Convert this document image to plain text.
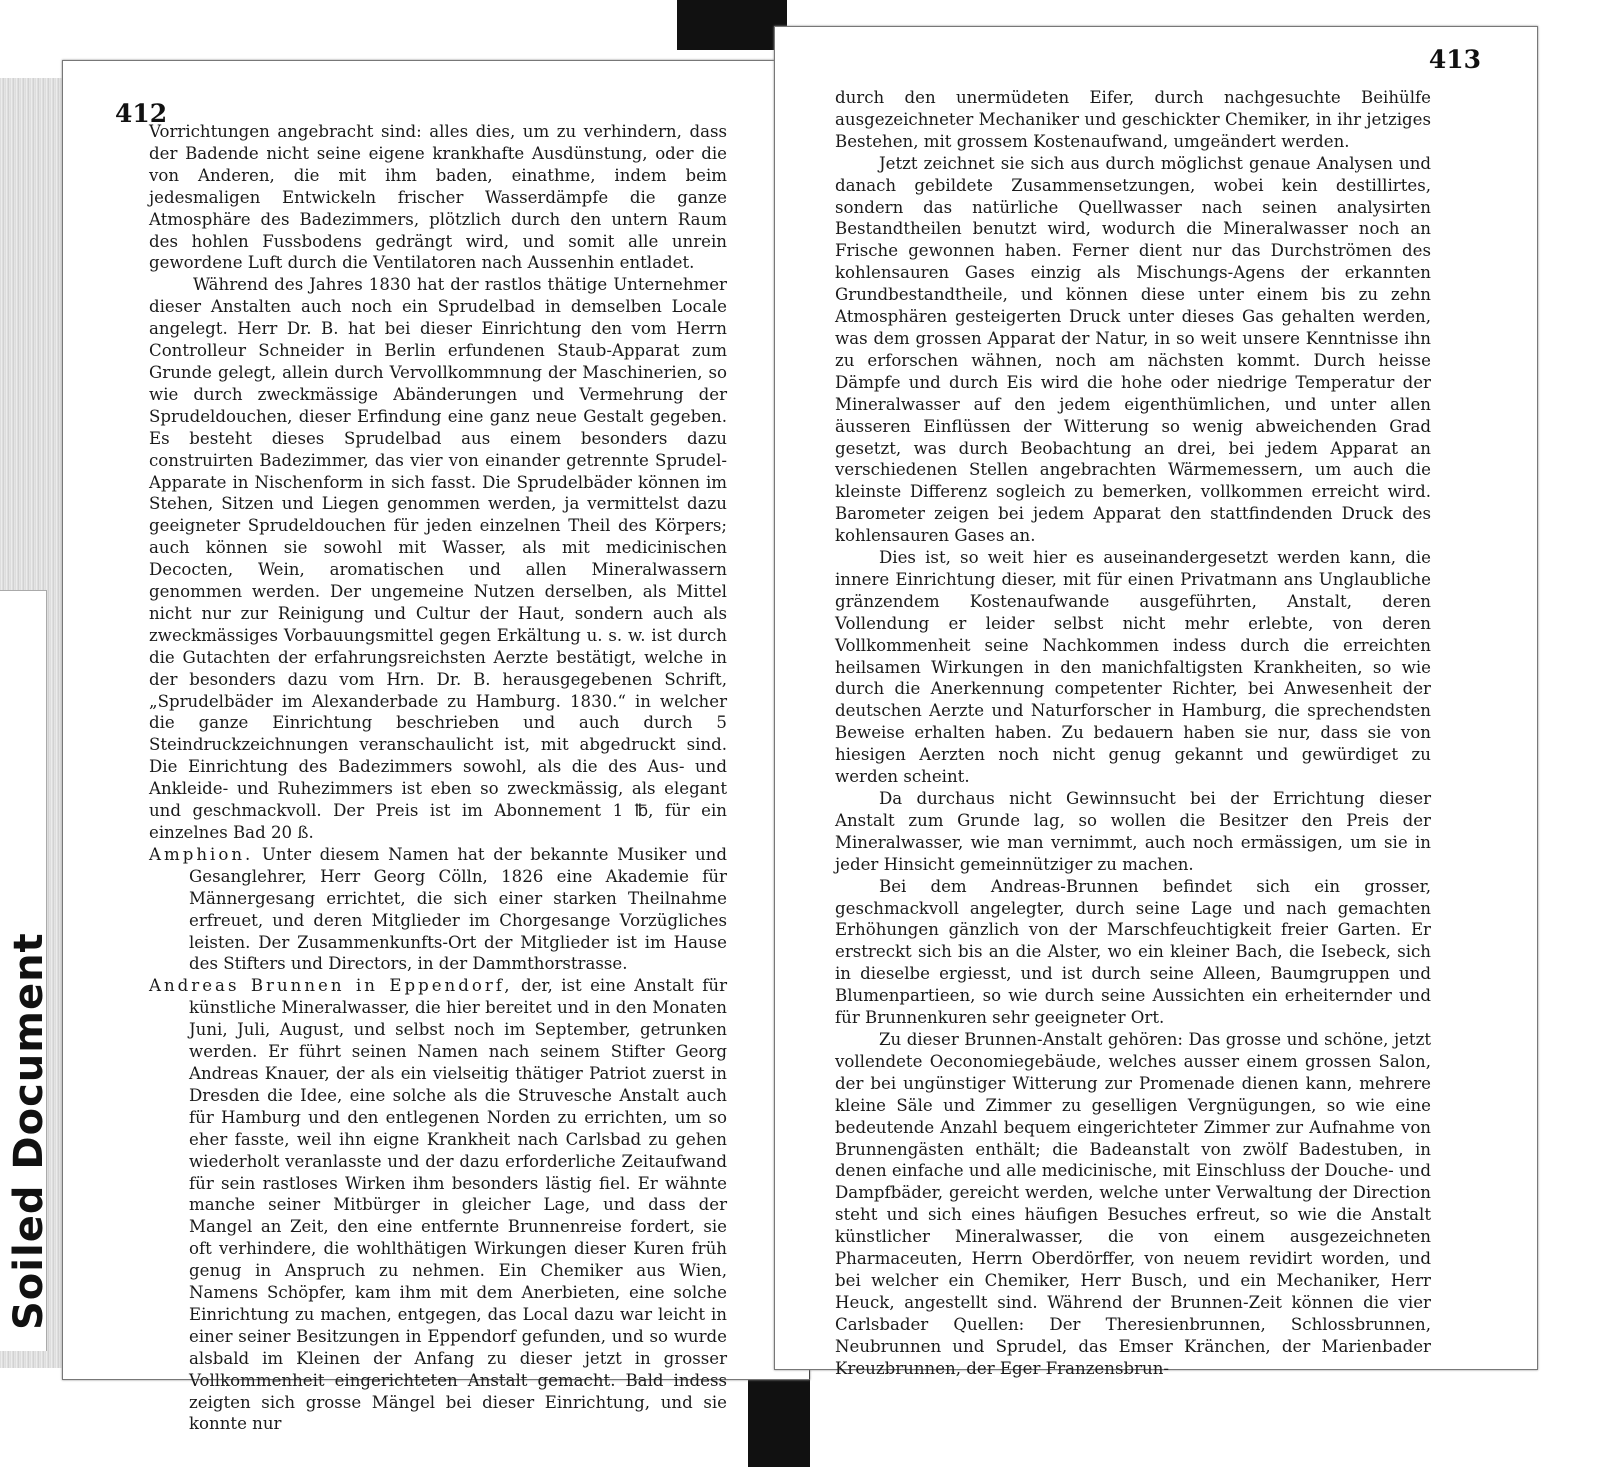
Soiled Document
412

Vorrichtungen angebracht sind: alles dies, um zu verhindern, dass der Badende nicht seine eigene krankhafte Ausdünstung, oder die von Anderen, die mit ihm baden, einathme, indem beim jedesmaligen Entwickeln frischer Wasserdämpfe die ganze Atmosphäre des Badezimmers, plötzlich durch den untern Raum des hohlen Fussbodens gedrängt wird, und somit alle unrein gewordene Luft durch die Ventilatoren nach Aussenhin entladet.

Während des Jahres 1830 hat der rastlos thätige Unternehmer dieser Anstalten auch noch ein Sprudelbad in demselben Locale angelegt. Herr Dr. B. hat bei dieser Einrichtung den vom Herrn Controlleur Schneider in Berlin erfundenen Staub-Apparat zum Grunde gelegt, allein durch Vervollkommnung der Maschinerien, so wie durch zweckmässige Abänderungen und Vermehrung der Sprudeldouchen, dieser Erfindung eine ganz neue Gestalt gegeben. Es besteht dieses Sprudelbad aus einem besonders dazu construirten Badezimmer, das vier von einander getrennte Sprudel-Apparate in Nischenform in sich fasst. Die Sprudelbäder können im Stehen, Sitzen und Liegen genommen werden, ja vermittelst dazu geeigneter Sprudeldouchen für jeden einzelnen Theil des Körpers; auch können sie sowohl mit Wasser, als mit medicinischen Decocten, Wein, aromatischen und allen Mineralwassern genommen werden. Der ungemeine Nutzen derselben, als Mittel nicht nur zur Reinigung und Cultur der Haut, sondern auch als zweckmässiges Vorbauungsmittel gegen Erkältung u. s. w. ist durch die Gutachten der erfahrungsreichsten Aerzte bestätigt, welche in der besonders dazu vom Hrn. Dr. B. herausgegebenen Schrift, „Sprudelbäder im Alexanderbade zu Hamburg. 1830.“ in welcher die ganze Einrichtung beschrieben und auch durch 5 Steindruckzeichnungen veranschaulicht ist, mit abgedruckt sind. Die Einrichtung des Badezimmers sowohl, als die des Aus- und Ankleide- und Ruhezimmers ist eben so zweckmässig, als elegant und geschmackvoll. Der Preis ist im Abonnement 1 ℔, für ein einzelnes Bad 20 ß.

Amphion. Unter diesem Namen hat der bekannte Musiker und Gesanglehrer, Herr Georg Cölln, 1826 eine Akademie für Männergesang errichtet, die sich einer starken Theilnahme erfreuet, und deren Mitglieder im Chorgesange Vorzügliches leisten. Der Zusammenkunfts-Ort der Mitglieder ist im Hause des Stifters und Directors, in der Dammthorstrasse.

Andreas Brunnen in Eppendorf, der, ist eine Anstalt für künstliche Mineralwasser, die hier bereitet und in den Monaten Juni, Juli, August, und selbst noch im September, getrunken werden. Er führt seinen Namen nach seinem Stifter Georg Andreas Knauer, der als ein vielseitig thätiger Patriot zuerst in Dresden die Idee, eine solche als die Struvesche Anstalt auch für Hamburg und den entlegenen Norden zu errichten, um so eher fasste, weil ihn eigne Krankheit nach Carlsbad zu gehen wiederholt veranlasste und der dazu erforderliche Zeitaufwand für sein rastloses Wirken ihm besonders lästig fiel. Er wähnte manche seiner Mitbürger in gleicher Lage, und dass der Mangel an Zeit, den eine entfernte Brunnenreise fordert, sie oft verhindere, die wohlthätigen Wirkungen dieser Kuren früh genug in Anspruch zu nehmen. Ein Chemiker aus Wien, Namens Schöpfer, kam ihm mit dem Anerbieten, eine solche Einrichtung zu machen, entgegen, das Local dazu war leicht in einer seiner Besitzungen in Eppendorf gefunden, und so wurde alsbald im Kleinen der Anfang zu dieser jetzt in grosser Vollkommenheit eingerichteten Anstalt gemacht. Bald indess zeigten sich grosse Mängel bei dieser Einrichtung, und sie konnte nur

413

durch den unermüdeten Eifer, durch nachgesuchte Beihülfe ausgezeichneter Mechaniker und geschickter Chemiker, in ihr jetziges Bestehen, mit grossem Kostenaufwand, umgeändert werden.

Jetzt zeichnet sie sich aus durch möglichst genaue Analysen und danach gebildete Zusammensetzungen, wobei kein destillirtes, sondern das natürliche Quellwasser nach seinen analysirten Bestandtheilen benutzt wird, wodurch die Mineralwasser noch an Frische gewonnen haben. Ferner dient nur das Durchströmen des kohlensauren Gases einzig als Mischungs-Agens der erkannten Grundbestandtheile, und können diese unter einem bis zu zehn Atmosphären gesteigerten Druck unter dieses Gas gehalten werden, was dem grossen Apparat der Natur, in so weit unsere Kenntnisse ihn zu erforschen wähnen, noch am nächsten kommt. Durch heisse Dämpfe und durch Eis wird die hohe oder niedrige Temperatur der Mineralwasser auf den jedem eigenthümlichen, und unter allen äusseren Einflüssen der Witterung so wenig abweichenden Grad gesetzt, was durch Beobachtung an drei, bei jedem Apparat an verschiedenen Stellen angebrachten Wärmemessern, um auch die kleinste Differenz sogleich zu bemerken, vollkommen erreicht wird. Barometer zeigen bei jedem Apparat den stattfindenden Druck des kohlensauren Gases an.

Dies ist, so weit hier es auseinandergesetzt werden kann, die innere Einrichtung dieser, mit für einen Privatmann ans Unglaubliche gränzendem Kostenaufwande ausgeführten, Anstalt, deren Vollendung er leider selbst nicht mehr erlebte, von deren Vollkommenheit seine Nachkommen indess durch die erreichten heilsamen Wirkungen in den manichfaltigsten Krankheiten, so wie durch die Anerkennung competenter Richter, bei Anwesenheit der deutschen Aerzte und Naturforscher in Hamburg, die sprechendsten Beweise erhalten haben. Zu bedauern haben sie nur, dass sie von hiesigen Aerzten noch nicht genug gekannt und gewürdiget zu werden scheint.

Da durchaus nicht Gewinnsucht bei der Errichtung dieser Anstalt zum Grunde lag, so wollen die Besitzer den Preis der Mineralwasser, wie man vernimmt, auch noch ermässigen, um sie in jeder Hinsicht gemeinnütziger zu machen.

Bei dem Andreas-Brunnen befindet sich ein grosser, geschmackvoll angelegter, durch seine Lage und nach gemachten Erhöhungen gänzlich von der Marschfeuchtigkeit freier Garten. Er erstreckt sich bis an die Alster, wo ein kleiner Bach, die Isebeck, sich in dieselbe ergiesst, und ist durch seine Alleen, Baumgruppen und Blumenpartieen, so wie durch seine Aussichten ein erheiternder und für Brunnenkuren sehr geeigneter Ort.

Zu dieser Brunnen-Anstalt gehören: Das grosse und schöne, jetzt vollendete Oeconomiegebäude, welches ausser einem grossen Salon, der bei ungünstiger Witterung zur Promenade dienen kann, mehrere kleine Säle und Zimmer zu geselligen Vergnügungen, so wie eine bedeutende Anzahl bequem eingerichteter Zimmer zur Aufnahme von Brunnengästen enthält; die Badeanstalt von zwölf Badestuben, in denen einfache und alle medicinische, mit Einschluss der Douche- und Dampfbäder, gereicht werden, welche unter Verwaltung der Direction steht und sich eines häufigen Besuches erfreut, so wie die Anstalt künstlicher Mineralwasser, die von einem ausgezeichneten Pharmaceuten, Herrn Oberdörffer, von neuem revidirt worden, und bei welcher ein Chemiker, Herr Busch, und ein Mechaniker, Herr Heuck, angestellt sind. Während der Brunnen-Zeit können die vier Carlsbader Quellen: Der Theresienbrunnen, Schlossbrunnen, Neubrunnen und Sprudel, das Emser Kränchen, der Marienbader Kreuzbrunnen, der Eger Franzensbrun-
